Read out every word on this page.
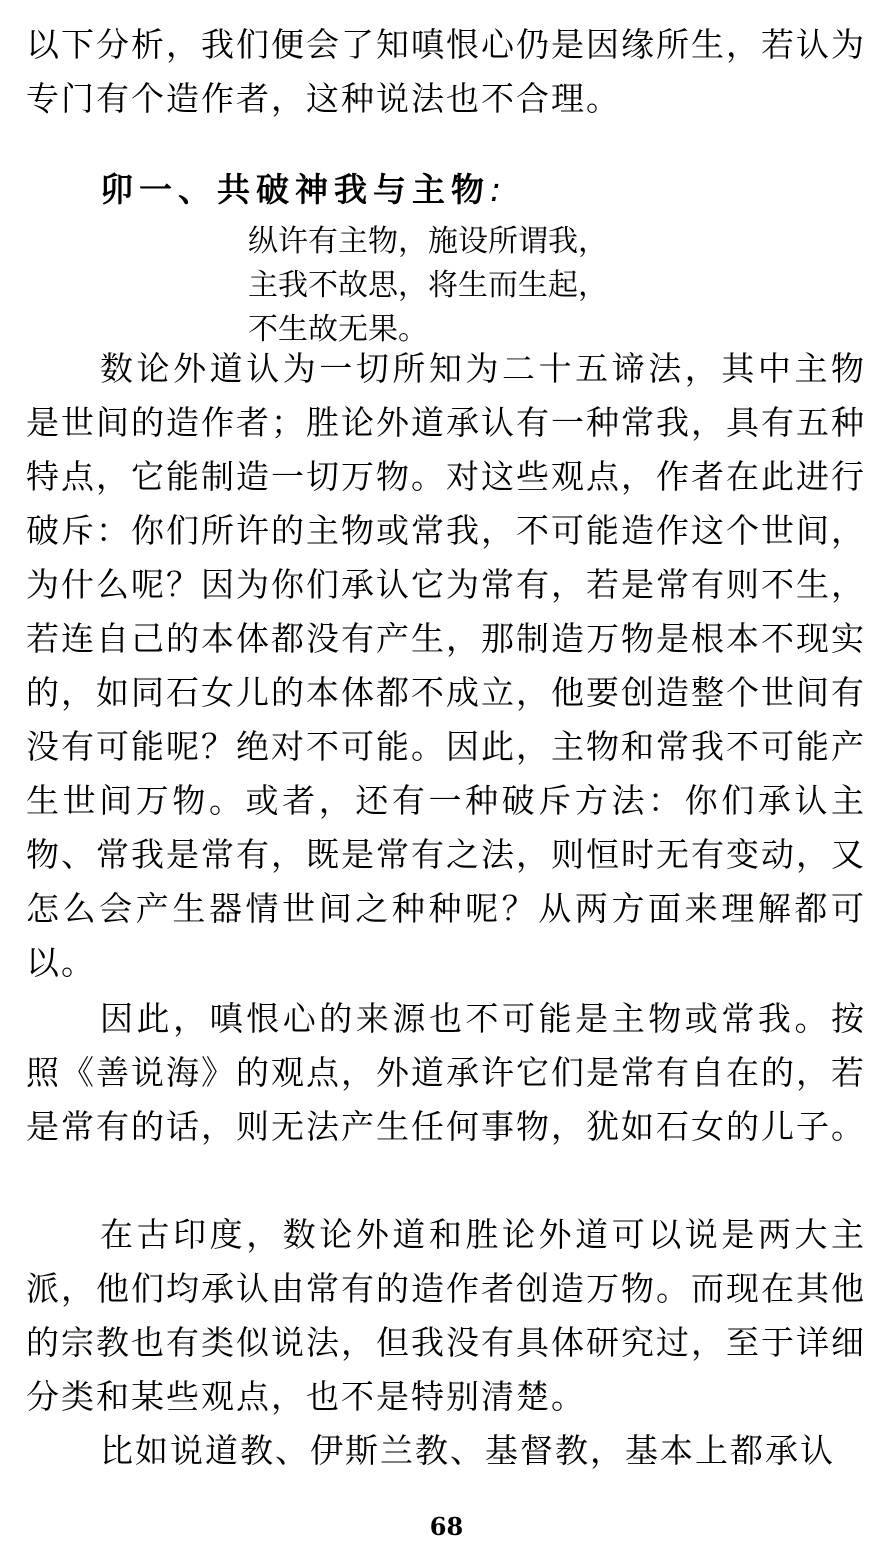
以下分析，我们便会了知嗔恨心仍是因缘所生，若认为专门有个造作者，这种说法也不合理。

卯一、共破神我与主物:

纵许有主物，施设所谓我，
主我不故思，将生而生起，
不生故无果。

数论外道认为一切所知为二十五谛法，其中主物是世间的造作者；胜论外道承认有一种常我，具有五种特点，它能制造一切万物。对这些观点，作者在此进行破斥：你们所许的主物或常我，不可能造作这个世间，为什么呢？因为你们承认它为常有，若是常有则不生，若连自己的本体都没有产生，那制造万物是根本不现实的，如同石女儿的本体都不成立，他要创造整个世间有没有可能呢？绝对不可能。因此，主物和常我不可能产生世间万物。或者，还有一种破斥方法：你们承认主物、常我是常有，既是常有之法，则恒时无有变动，又怎么会产生器情世间之种种呢？从两方面来理解都可以。

因此，嗔恨心的来源也不可能是主物或常我。按照《善说海》的观点，外道承许它们是常有自在的，若是常有的话，则无法产生任何事物，犹如石女的儿子。

在古印度，数论外道和胜论外道可以说是两大主派，他们均承认由常有的造作者创造万物。而现在其他的宗教也有类似说法，但我没有具体研究过，至于详细分类和某些观点，也不是特别清楚。

比如说道教、伊斯兰教、基督教，基本上都承认

68
